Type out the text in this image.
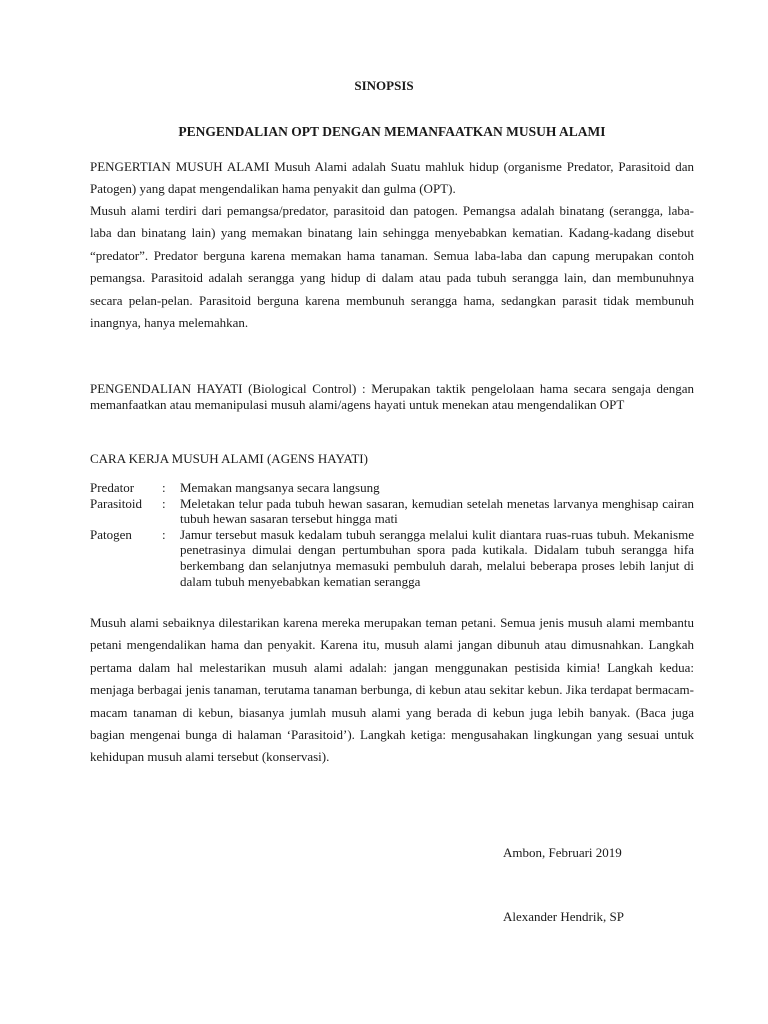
SINOPSIS

PENGENDALIAN OPT DENGAN MEMANFAATKAN MUSUH ALAMI

PENGERTIAN MUSUH ALAMI Musuh Alami adalah Suatu mahluk hidup (organisme Predator, Parasitoid dan Patogen) yang dapat mengendalikan hama penyakit dan gulma (OPT).

Musuh alami terdiri dari pemangsa/predator, parasitoid dan patogen. Pemangsa adalah binatang (serangga, laba-laba dan binatang lain) yang memakan binatang lain sehingga menyebabkan kematian. Kadang-kadang disebut “predator”. Predator berguna karena memakan hama tanaman. Semua laba-laba dan capung merupakan contoh pemangsa. Parasitoid adalah serangga yang hidup di dalam atau pada tubuh serangga lain, dan membunuhnya secara pelan-pelan. Parasitoid berguna karena membunuh serangga hama, sedangkan parasit tidak membunuh inangnya, hanya melemahkan.

PENGENDALIAN HAYATI (Biological Control) : Merupakan taktik pengelolaan hama secara sengaja dengan memanfaatkan atau memanipulasi musuh alami/agens hayati untuk menekan atau mengendalikan OPT

CARA KERJA MUSUH ALAMI (AGENS HAYATI)

Predator	:	Memakan mangsanya secara langsung
Parasitoid	:	Meletakan telur pada tubuh hewan sasaran, kemudian setelah menetas larvanya menghisap cairan tubuh hewan sasaran tersebut hingga mati
Patogen	:	Jamur tersebut masuk kedalam tubuh serangga melalui kulit diantara ruas-ruas tubuh. Mekanisme penetrasinya dimulai dengan pertumbuhan spora pada kutikala. Didalam tubuh serangga hifa berkembang dan selanjutnya memasuki pembuluh darah, melalui beberapa proses lebih lanjut di dalam tubuh menyebabkan kematian serangga

Musuh alami sebaiknya dilestarikan karena mereka merupakan teman petani. Semua jenis musuh alami membantu petani mengendalikan hama dan penyakit. Karena itu, musuh alami jangan dibunuh atau dimusnahkan. Langkah pertama dalam hal melestarikan musuh alami adalah: jangan menggunakan pestisida kimia! Langkah kedua: menjaga berbagai jenis tanaman, terutama tanaman berbunga, di kebun atau sekitar kebun. Jika terdapat bermacam- macam tanaman di kebun, biasanya jumlah musuh alami yang berada di kebun juga lebih banyak. (Baca juga bagian mengenai bunga di halaman ‘Parasitoid’). Langkah ketiga: mengusahakan lingkungan yang sesuai untuk kehidupan musuh alami tersebut (konservasi).

Ambon, Februari 2019

Alexander Hendrik, SP
